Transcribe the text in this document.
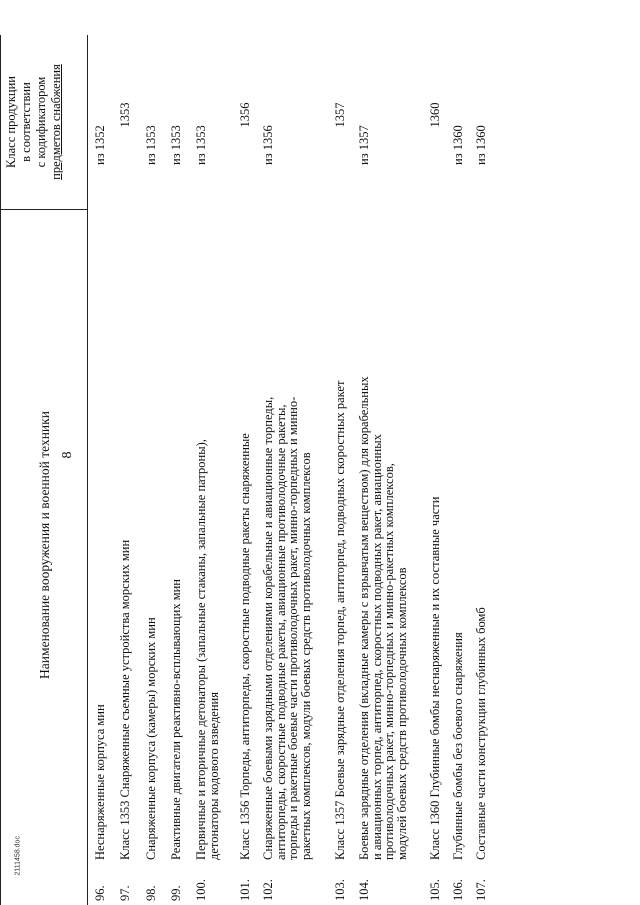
8
2111458.doc
Наименование вооружения и военной техники
Класс продукции в соответствии с кодификатором предметов снабжения
96.
Неснаряженные корпуса мин
из 1352
97.
Класс 1353 Снаряженные съемные устройства морских мин
1353
98.
Снаряженные корпуса (камеры) морских мин
из 1353
99.
Реактивные двигатели реактивно-всплывающих мин
из 1353
100.
Первичные и вторичные детонаторы (запальные стаканы, запальные патроны),
детонаторы кодового взведения
из 1353
101.
Класс 1356 Торпеды, антиторпеды, скоростные подводные ракеты снаряженные
1356
102.
Снаряженные боевыми зарядными отделениями корабельные и авиационные торпеды,
антиторпеды, скоростные подводные ракеты, авиационные противолодочные ракеты,
торпеды и ракетные боевые части противолодочных ракет, минно-торпедных и минно-
ракетных комплексов, модули боевых средств противолодочных комплексов
из 1356
103.
Класс 1357 Боевые зарядные отделения торпед, антиторпед, подводных скоростных ракет
1357
104.
Боевые зарядные отделения (вкладные камеры с взрывчатым веществом) для корабельных
и авиационных торпед, антиторпед, скоростных подводных ракет, авиационных
противолодочных ракет, минно-торпедных и минно-ракетных комплексов,
модулей боевых средств противолодочных комплексов
из 1357
105.
Класс 1360 Глубинные бомбы неснаряженные и их составные части
1360
106.
Глубинные бомбы без боевого снаряжения
из 1360
107.
Составные части конструкции глубинных бомб
из 1360
